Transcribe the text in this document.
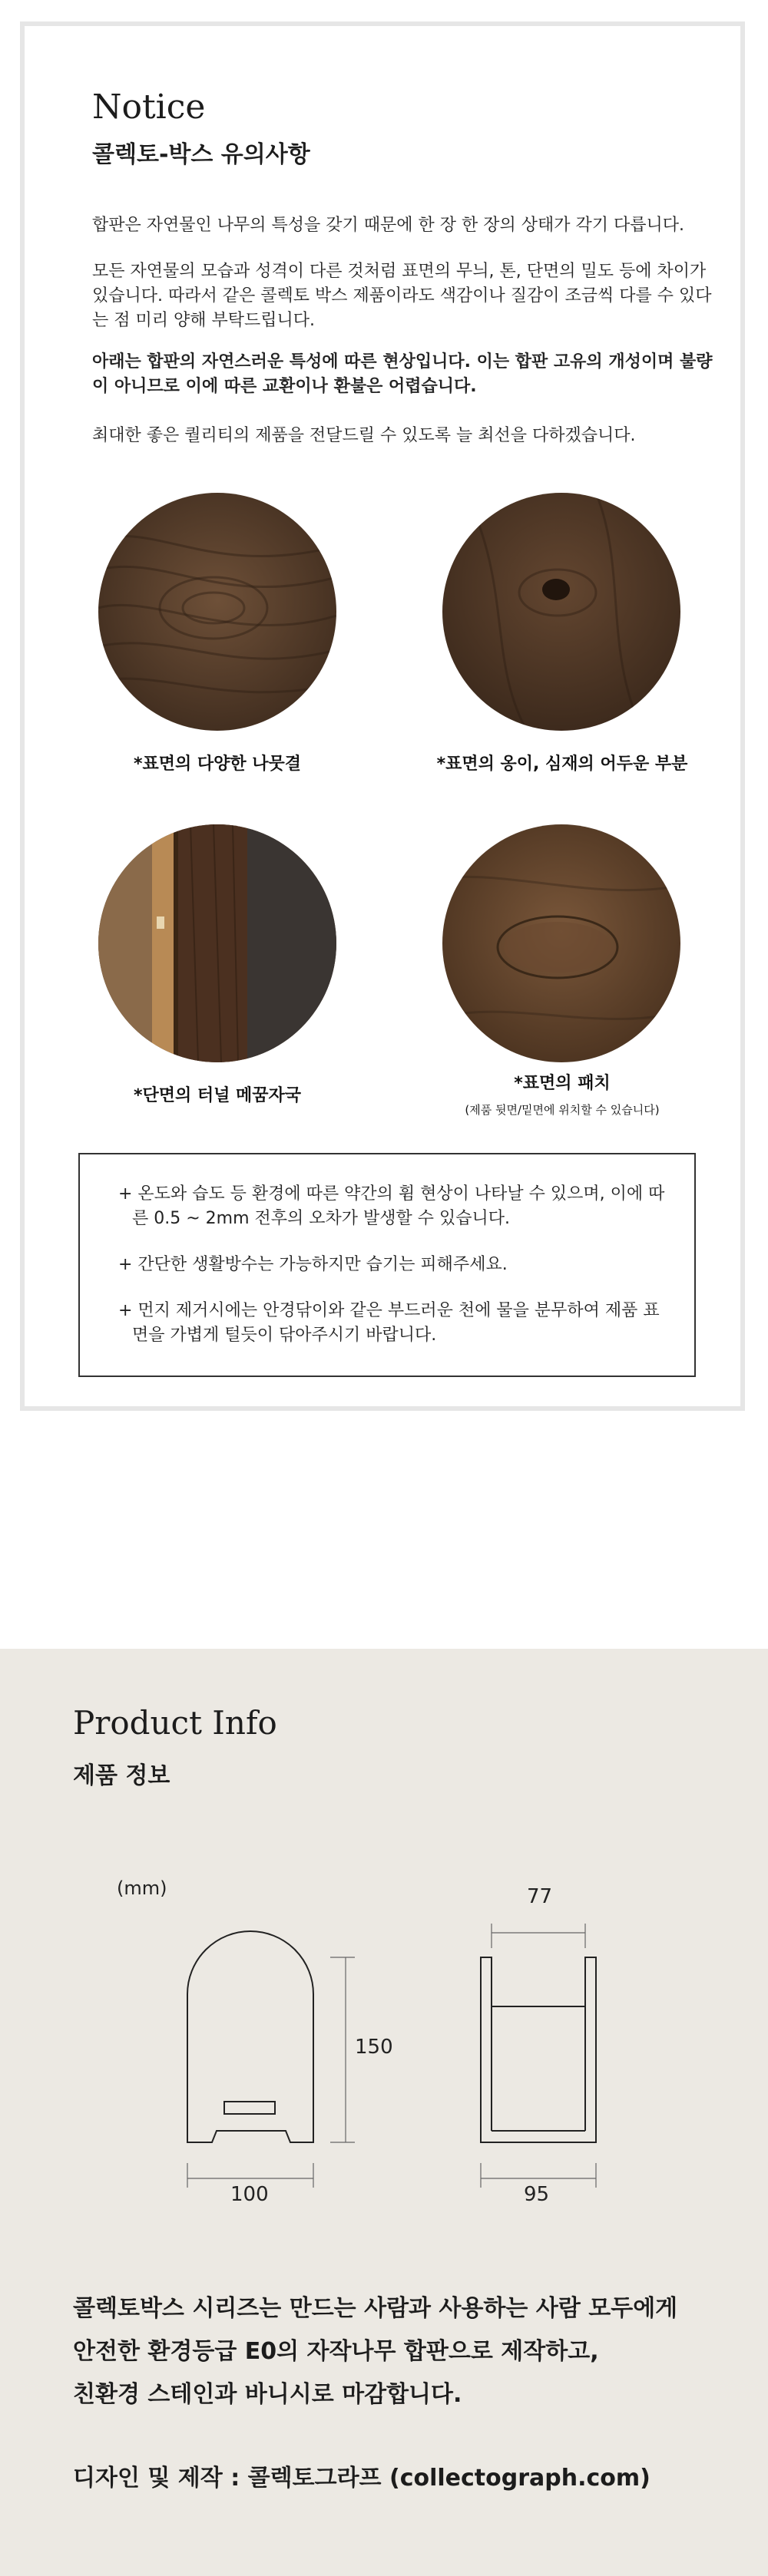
Notice
콜렉토-박스 유의사항
합판은 자연물인 나무의 특성을 갖기 때문에 한 장 한 장의 상태가 각기 다릅니다.
모든 자연물의 모습과 성격이 다른 것처럼 표면의 무늬, 톤, 단면의 밀도 등에 차이가 있습니다. 따라서 같은 콜렉토 박스 제품이라도 색감이나 질감이 조금씩 다를 수 있다는 점 미리 양해 부탁드립니다.
아래는 합판의 자연스러운 특성에 따른 현상입니다. 이는 합판 고유의 개성이며 불량이 아니므로 이에 따른 교환이나 환불은 어렵습니다.
최대한 좋은 퀄리티의 제품을 전달드릴 수 있도록 늘 최선을 다하겠습니다.
*표면의 다양한 나뭇결	*표면의 옹이, 심재의 어두운 부분
*단면의 터널 메꿈자국
*표면의 패치
(제품 뒷면/밑면에 위치할 수 있습니다)
+ 온도와 습도 등 환경에 따른 약간의 휨 현상이 나타날 수 있으며, 이에 따른 0.5 ~ 2mm 전후의 오차가 발생할 수 있습니다.
+ 간단한 생활방수는 가능하지만 습기는 피해주세요.
+ 먼지 제거시에는 안경닦이와 같은 부드러운 천에 물을 분무하여 제품 표면을 가볍게 털듯이 닦아주시기 바랍니다.
Product Info
제품 정보
(mm)
150
100
77
95
콜렉토박스 시리즈는 만드는 사람과 사용하는 사람 모두에게
안전한 환경등급 E0의 자작나무 합판으로 제작하고,
친환경 스테인과 바니시로 마감합니다.
디자인 및 제작 : 콜렉토그라프 (collectograph.com)
